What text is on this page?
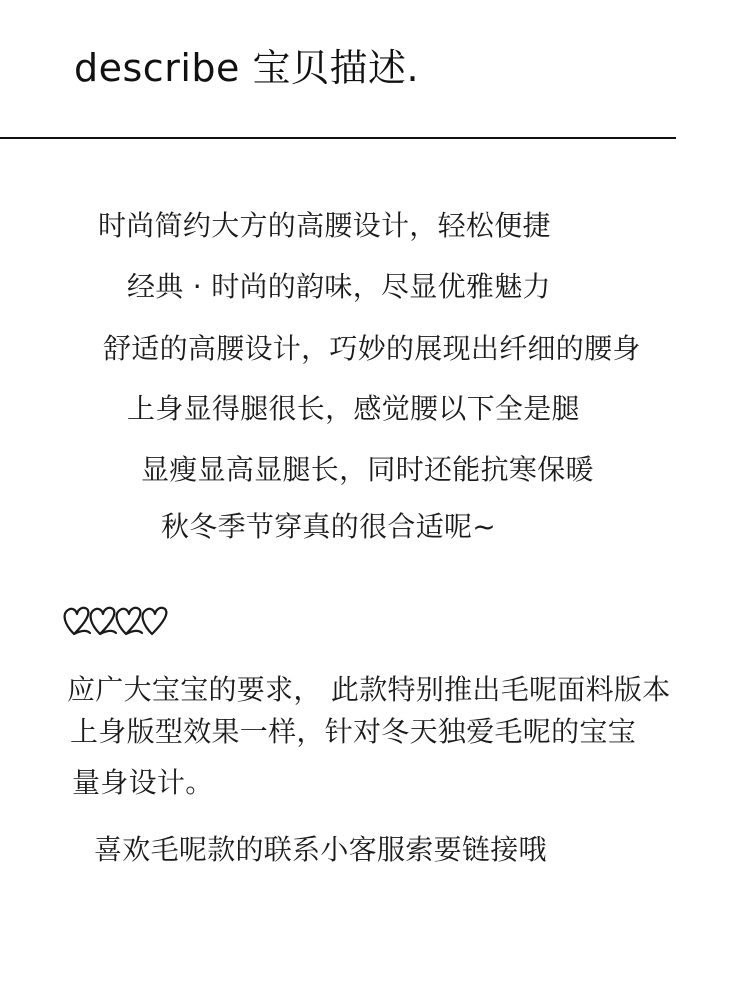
describe 宝贝描述.
时尚简约大方的高腰设计，轻松便捷
经典 · 时尚的韵味，尽显优雅魅力
舒适的高腰设计，巧妙的展现出纤细的腰身
上身显得腿很长，感觉腰以下全是腿
显瘦显高显腿长，同时还能抗寒保暖
秋冬季节穿真的很合适呢~
应广大宝宝的要求， 此款特别推出毛呢面料版本
上身版型效果一样，针对冬天独爱毛呢的宝宝
量身设计。
喜欢毛呢款的联系小客服索要链接哦
